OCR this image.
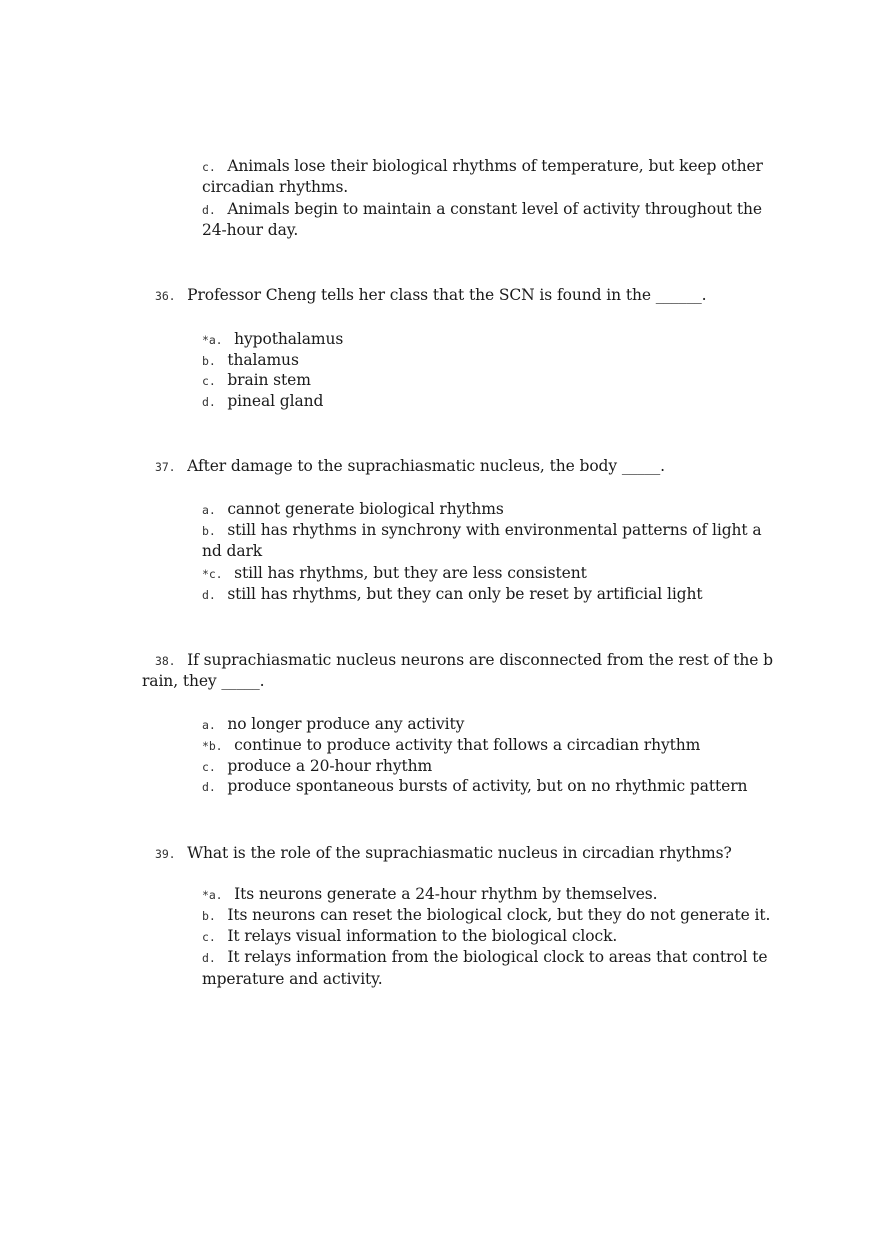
c.  Animals lose their biological rhythms of temperature, but keep other
circadian rhythms.
d.  Animals begin to maintain a constant level of activity throughout the
24-hour day.
36.  Professor Cheng tells her class that the SCN is found in the ______.
*a.  hypothalamus
b.  thalamus
c.  brain stem
d.  pineal gland
37.  After damage to the suprachiasmatic nucleus, the body _____.
a.  cannot generate biological rhythms
b.  still has rhythms in synchrony with environmental patterns of light a
nd dark
*c.  still has rhythms, but they are less consistent
d.  still has rhythms, but they can only be reset by artificial light
38.  If suprachiasmatic nucleus neurons are disconnected from the rest of the b
rain, they _____.
a.  no longer produce any activity
*b.  continue to produce activity that follows a circadian rhythm
c.  produce a 20-hour rhythm
d.  produce spontaneous bursts of activity, but on no rhythmic pattern
39.  What is the role of the suprachiasmatic nucleus in circadian rhythms?
*a.  Its neurons generate a 24-hour rhythm by themselves.
b.  Its neurons can reset the biological clock, but they do not generate it.
c.  It relays visual information to the biological clock.
d.  It relays information from the biological clock to areas that control te
mperature and activity.
